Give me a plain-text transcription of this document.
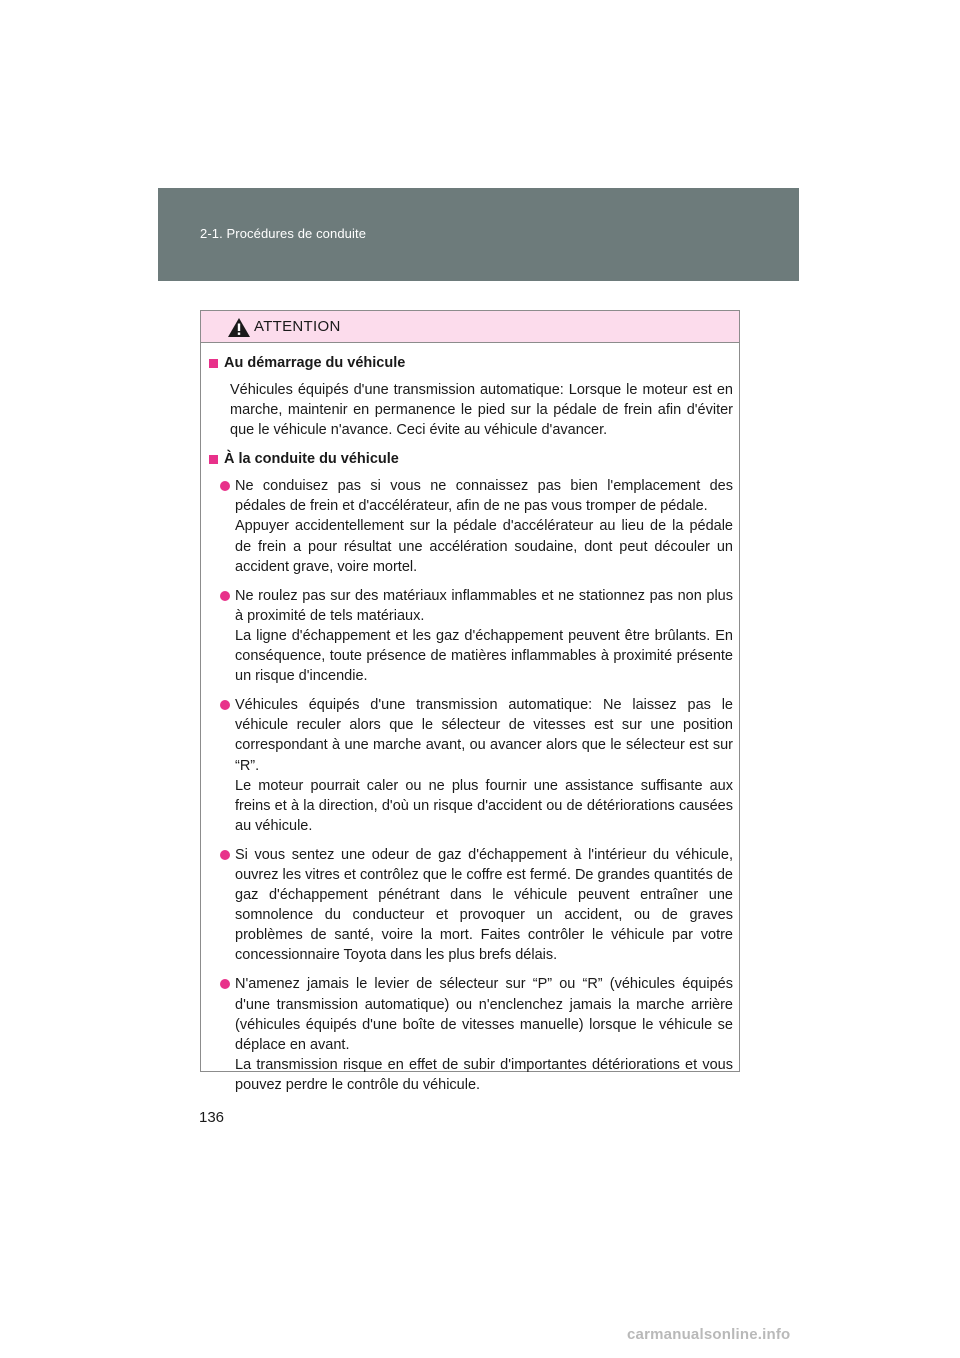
2-1. Procédures de conduite
ATTENTION
Au démarrage du véhicule
Véhicules équipés d'une transmission automatique: Lorsque le moteur est en marche, maintenir en permanence le pied sur la pédale de frein afin d'éviter que le véhicule n'avance. Ceci évite au véhicule d'avancer.
À la conduite du véhicule
Ne conduisez pas si vous ne connaissez pas bien l'emplacement des pédales de frein et d'accélérateur, afin de ne pas vous tromper de pédale.
Appuyer accidentellement sur la pédale d'accélérateur au lieu de la pédale de frein a pour résultat une accélération soudaine, dont peut découler un accident grave, voire mortel.
Ne roulez pas sur des matériaux inflammables et ne stationnez pas non plus à proximité de tels matériaux.
La ligne d'échappement et les gaz d'échappement peuvent être brûlants. En conséquence, toute présence de matières inflammables à proximité présente un risque d'incendie.
Véhicules équipés d'une transmission automatique: Ne laissez pas le véhicule reculer alors que le sélecteur de vitesses est sur une position correspondant à une marche avant, ou avancer alors que le sélecteur est sur “R”.
Le moteur pourrait caler ou ne plus fournir une assistance suffisante aux freins et à la direction, d'où un risque d'accident ou de détériorations causées au véhicule.
Si vous sentez une odeur de gaz d'échappement à l'intérieur du véhicule, ouvrez les vitres et contrôlez que le coffre est fermé. De grandes quantités de gaz d'échappement pénétrant dans le véhicule peuvent entraîner une somnolence du conducteur et provoquer un accident, ou de graves problèmes de santé, voire la mort. Faites contrôler le véhicule par votre concessionnaire Toyota dans les plus brefs délais.
N'amenez jamais le levier de sélecteur sur “P” ou “R” (véhicules équipés d'une transmission automatique) ou n'enclenchez jamais la marche arrière (véhicules équipés d'une boîte de vitesses manuelle) lorsque le véhicule se déplace en avant.
La transmission risque en effet de subir d'importantes détériorations et vous pouvez perdre le contrôle du véhicule.
136
carmanualsonline.info
